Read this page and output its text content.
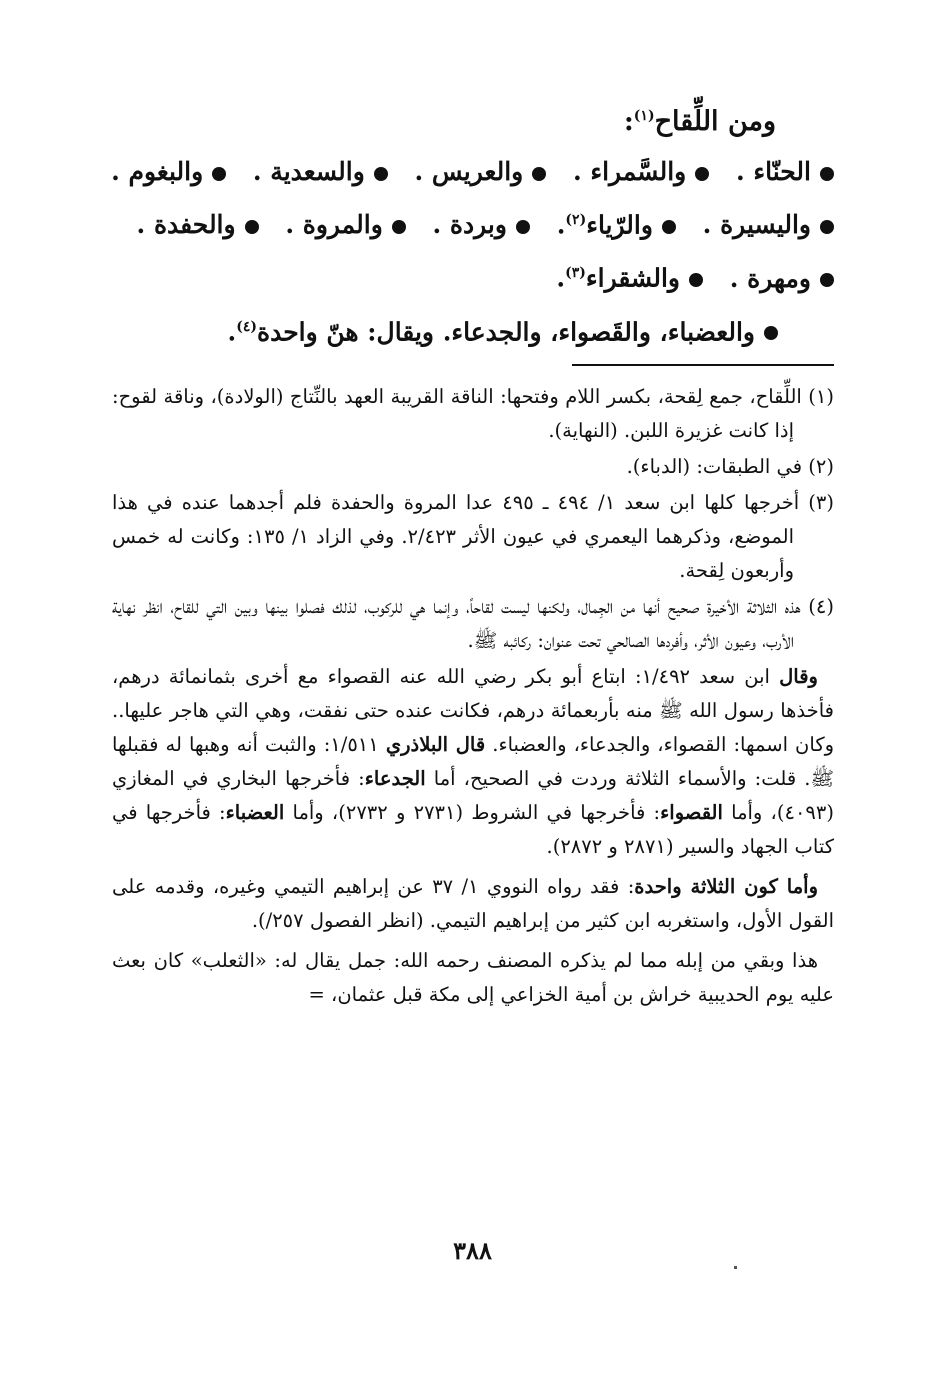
ومن اللِّقاح$^{(١)}$:
الحنّاء . والسَّمراء . والعريس . والسعدية . والبغوم .
واليسيرة . والرّياء$^{(٢)}$. وبردة . والمروة . والحفدة .
ومهرة . والشقراء$^{(٣)}$.
والعضباء، والقَصواء، والجدعاء. ويقال: هنّ واحدة$^{(٤)}$.
(١) اللِّقاح، جمع لِقحة، بكسر اللام وفتحها: الناقة القريبة العهد بالنِّتاج (الولادة)، وناقة لقوح: إذا كانت غزيرة اللبن. (النهاية).
(٢) في الطبقات: (الدباء).
(٣) أخرجها كلها ابن سعد ١/ ٤٩٤ ـ ٤٩٥ عدا المروة والحفدة فلم أجدهما عنده في هذا الموضع، وذكرهما اليعمري في عيون الأثر ٢/٤٢٣. وفي الزاد ١/ ١٣٥: وكانت له خمس وأربعون لِقحة.
(٤) هذه الثلاثة الأخيرة صحيح أنها من الجِمال، ولكنها ليست لقاحاً، وإنما هي للركوب، لذلك فصلوا بينها وبين التي للقاح، انظر نهاية الأرب، وعيون الأثر، وأفردها الصالحي تحت عنوان: ركائبه ﷺ.
وقال ابن سعد ١/٤٩٢: ابتاع أبو بكر رضي الله عنه القصواء مع أخرى بثمانمائة درهم، فأخذها رسول الله ﷺ منه بأربعمائة درهم، فكانت عنده حتى نفقت، وهي التي هاجر عليها.. وكان اسمها: القصواء، والجدعاء، والعضباء. قال البلاذري ١/٥١١: والثبت أنه وهبها له فقبلها ﷺ. قلت: والأسماء الثلاثة وردت في الصحيح، أما الجدعاء: فأخرجها البخاري في المغازي (٤٠٩٣)، وأما القصواء: فأخرجها في الشروط (٢٧٣١ و ٢٧٣٢)، وأما العضباء: فأخرجها في كتاب الجهاد والسير (٢٨٧١ و ٢٨٧٢).
وأما كون الثلاثة واحدة: فقد رواه النووي ١/ ٣٧ عن إبراهيم التيمي وغيره، وقدمه على القول الأول، واستغربه ابن كثير من إبراهيم التيمي. (انظر الفصول ٢٥٧/).
هذا وبقي من إبله مما لم يذكره المصنف رحمه الله: جمل يقال له: «الثعلب» كان بعث عليه يوم الحديبية خراش بن أمية الخزاعي إلى مكة قبل عثمان، =
٣٨٨
